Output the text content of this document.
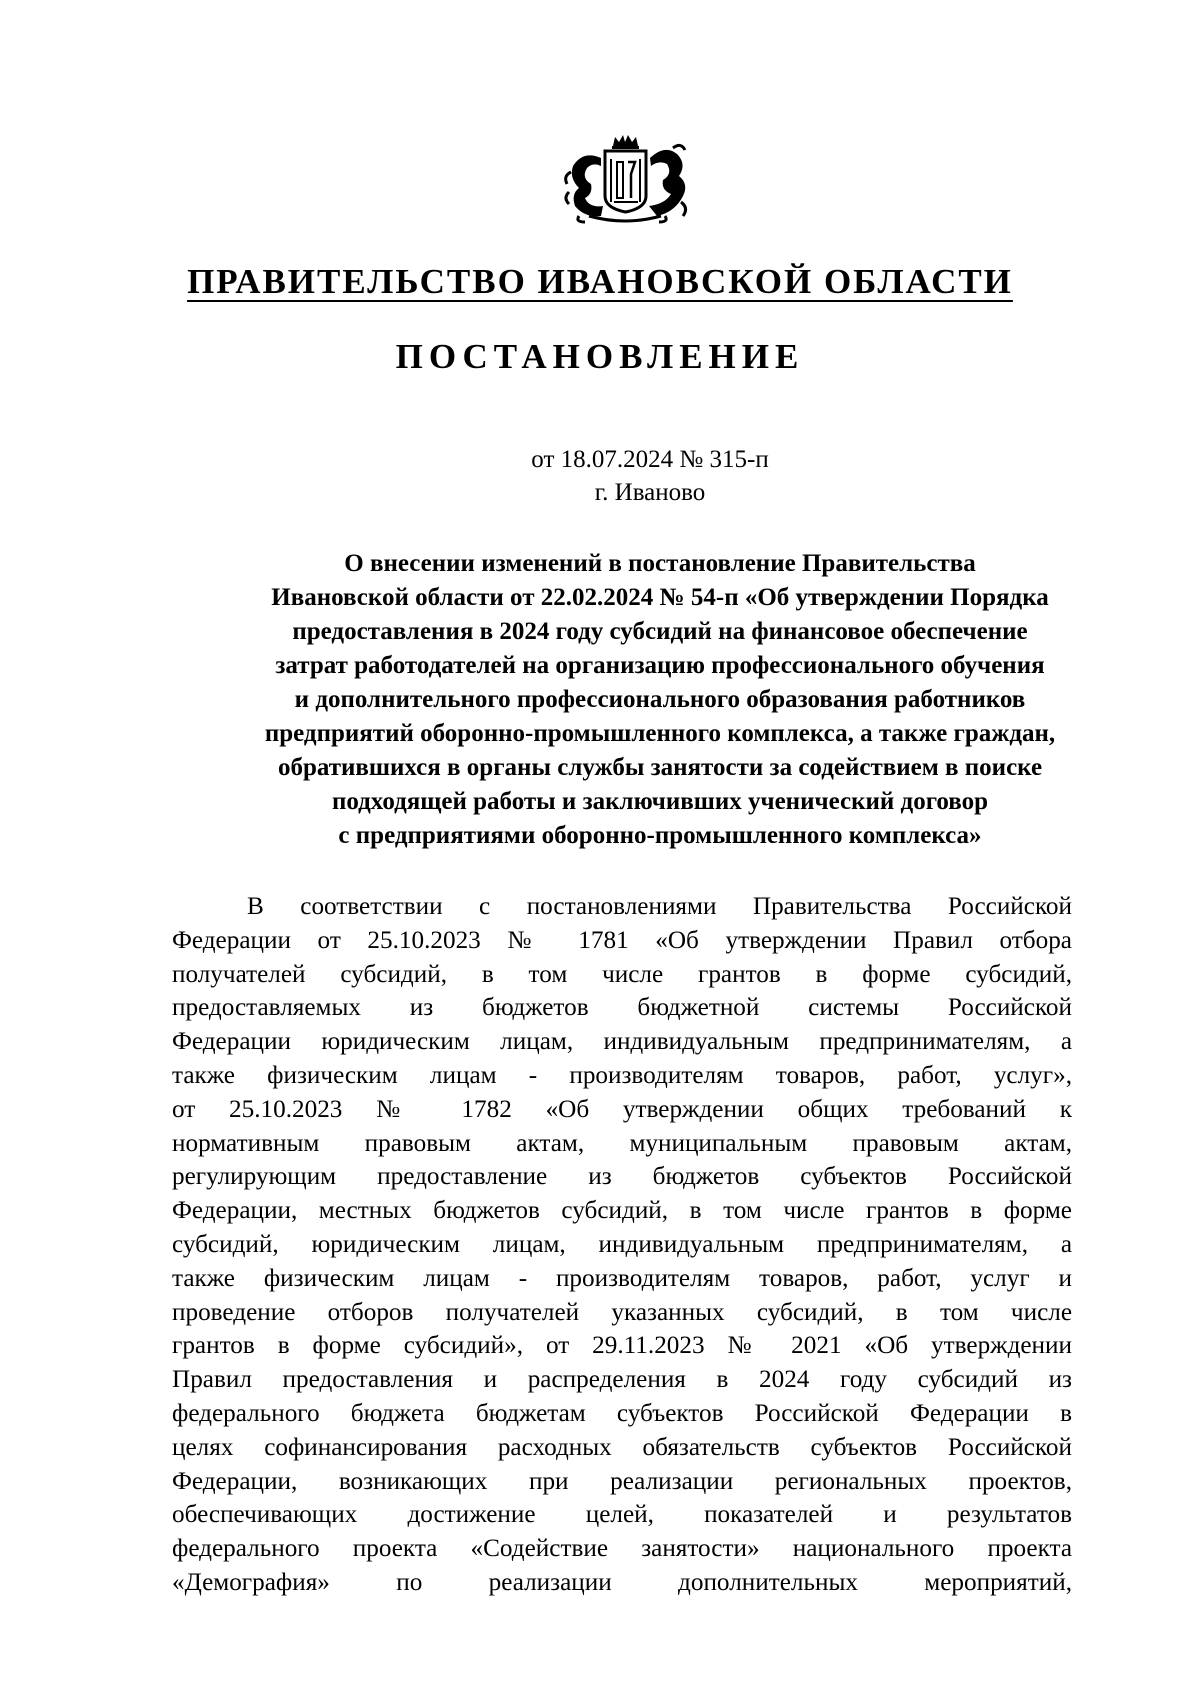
ПРАВИТЕЛЬСТВО ИВАНОВСКОЙ ОБЛАСТИ
ПОСТАНОВЛЕНИЕ
от 18.07.2024 № 315-п
г. Иваново
О внесении изменений в постановление Правительства
Ивановской области от 22.02.2024 № 54-п «Об утверждении Порядка
предоставления в 2024 году субсидий на финансовое обеспечение
затрат работодателей на организацию профессионального обучения
и дополнительного профессионального образования работников
предприятий оборонно-промышленного комплекса, а также граждан,
обратившихся в органы службы занятости за содействием в поиске
подходящей работы и заключивших ученический договор
с предприятиями оборонно-промышленного комплекса»
В соответствии с постановлениями Правительства Российской
Федерации от 25.10.2023 № 1781 «Об утверждении Правил отбора
получателей субсидий, в том числе грантов в форме субсидий,
предоставляемых из бюджетов бюджетной системы Российской
Федерации юридическим лицам, индивидуальным предпринимателям, а
также физическим лицам - производителям товаров, работ, услуг»,
от 25.10.2023 № 1782 «Об утверждении общих требований к
нормативным правовым актам, муниципальным правовым актам,
регулирующим предоставление из бюджетов субъектов Российской
Федерации, местных бюджетов субсидий, в том числе грантов в форме
субсидий, юридическим лицам, индивидуальным предпринимателям, а
также физическим лицам - производителям товаров, работ, услуг и
проведение отборов получателей указанных субсидий, в том числе
грантов в форме субсидий», от 29.11.2023 № 2021 «Об утверждении
Правил предоставления и распределения в 2024 году субсидий из
федерального бюджета бюджетам субъектов Российской Федерации в
целях софинансирования расходных обязательств субъектов Российской
Федерации, возникающих при реализации региональных проектов,
обеспечивающих достижение целей, показателей и результатов
федерального проекта «Содействие занятости» национального проекта
«Демография» по реализации дополнительных мероприятий,
